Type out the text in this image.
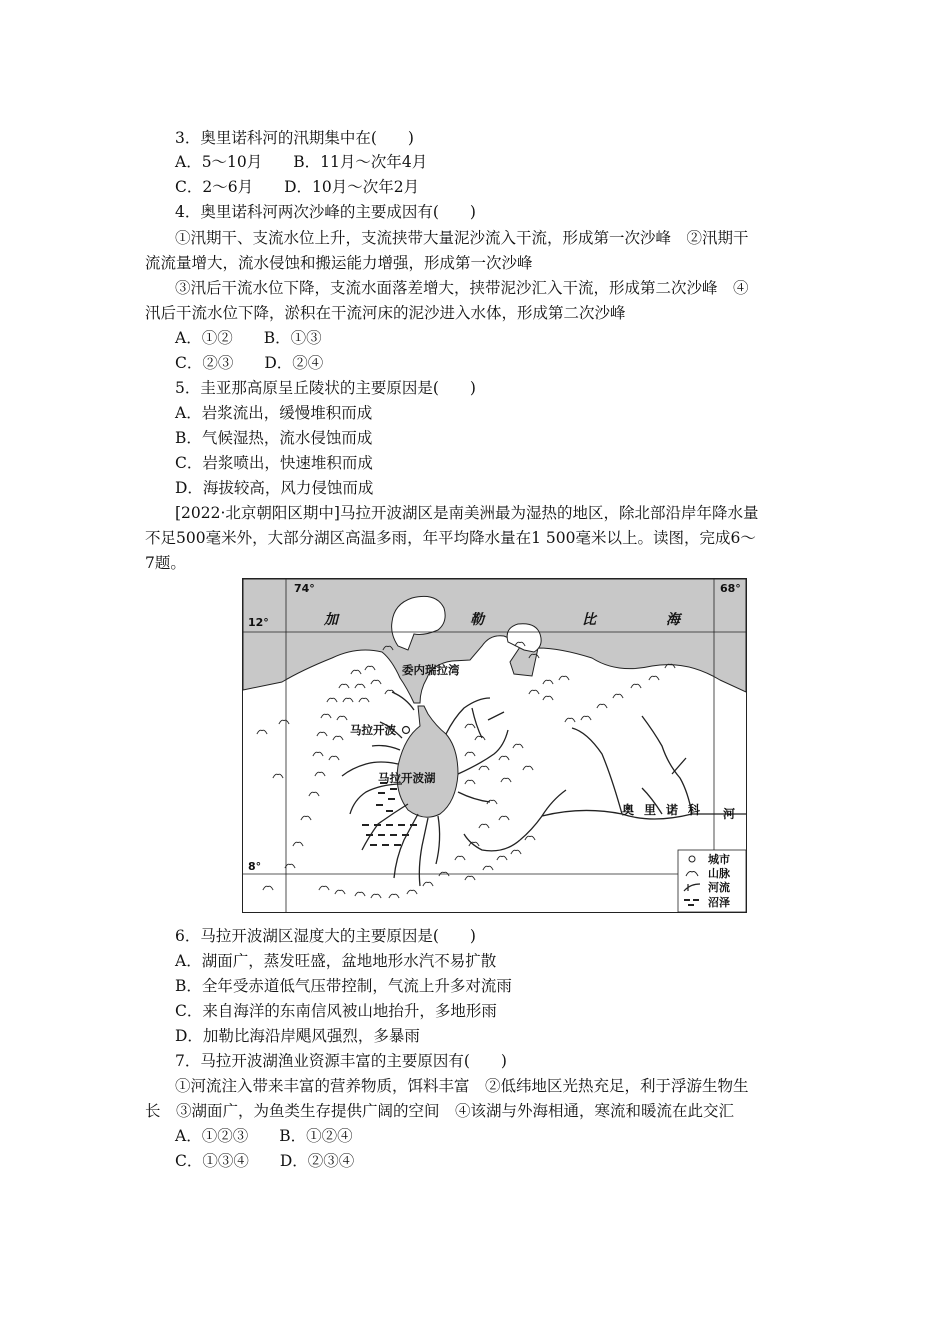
3．奥里诺科河的汛期集中在(　　)
A．5～10月　　B．11月～次年4月
C．2～6月　　D．10月～次年2月
4．奥里诺科河两次沙峰的主要成因有(　　)
①汛期干、支流水位上升，支流挟带大量泥沙流入干流，形成第一次沙峰　②汛期干
流流量增大，流水侵蚀和搬运能力增强，形成第一次沙峰
③汛后干流水位下降，支流水面落差增大，挟带泥沙汇入干流，形成第二次沙峰　④
汛后干流水位下降，淤积在干流河床的泥沙进入水体，形成第二次沙峰
A．①②　　B．①③
C．②③　　D．②④
5．圭亚那高原呈丘陵状的主要原因是(　　)
A．岩浆流出，缓慢堆积而成
B．气候湿热，流水侵蚀而成
C．岩浆喷出，快速堆积而成
D．海拔较高，风力侵蚀而成
[2022·北京朝阳区期中]马拉开波湖区是南美洲最为湿热的地区，除北部沿岸年降水量
不足500毫米外，大部分湖区高温多雨，年平均降水量在1 500毫米以上。读图，完成6～
7题。
74°	68°
12°
8°
加	勒	比	海
委内瑞拉湾
马拉开波
马拉开波湖
奥 里 诺 科 河
城市
山脉
河流
沼泽
6．马拉开波湖区湿度大的主要原因是(　　)
A．湖面广，蒸发旺盛，盆地地形水汽不易扩散
B．全年受赤道低气压带控制，气流上升多对流雨
C．来自海洋的东南信风被山地抬升，多地形雨
D．加勒比海沿岸飓风强烈，多暴雨
7．马拉开波湖渔业资源丰富的主要原因有(　　)
①河流注入带来丰富的营养物质，饵料丰富　②低纬地区光热充足，利于浮游生物生
长　③湖面广，为鱼类生存提供广阔的空间　④该湖与外海相通，寒流和暖流在此交汇
A．①②③　　B．①②④
C．①③④　　D．②③④
